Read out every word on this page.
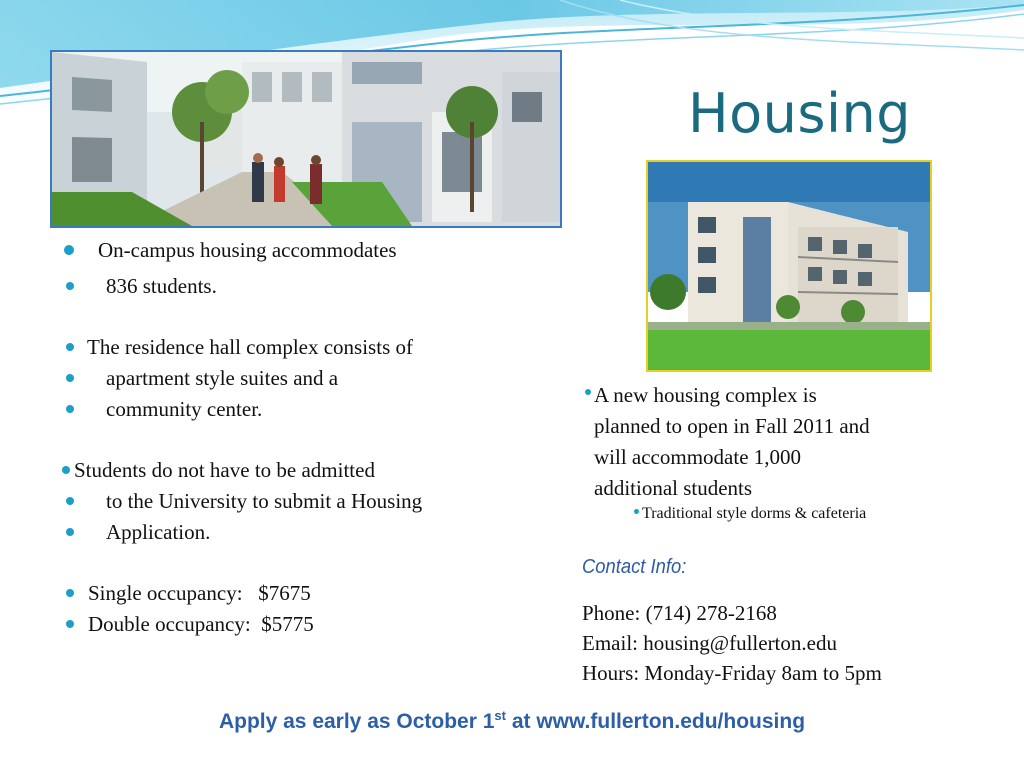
Housing
On-campus housing accommodates
836 students.
The residence hall complex consists of
apartment style suites and a
community center.
Students do not have to be admitted
to the University to submit a Housing
Application.
Single occupancy:   $7675
Double occupancy:  $5775
A new housing complex is
planned to open in Fall 2011 and
will accommodate 1,000
additional students
Traditional style dorms & cafeteria
Contact Info:
Phone: (714) 278-2168
Email: housing@fullerton.edu
Hours: Monday-Friday 8am to 5pm
Apply as early as October 1st at www.fullerton.edu/housing
